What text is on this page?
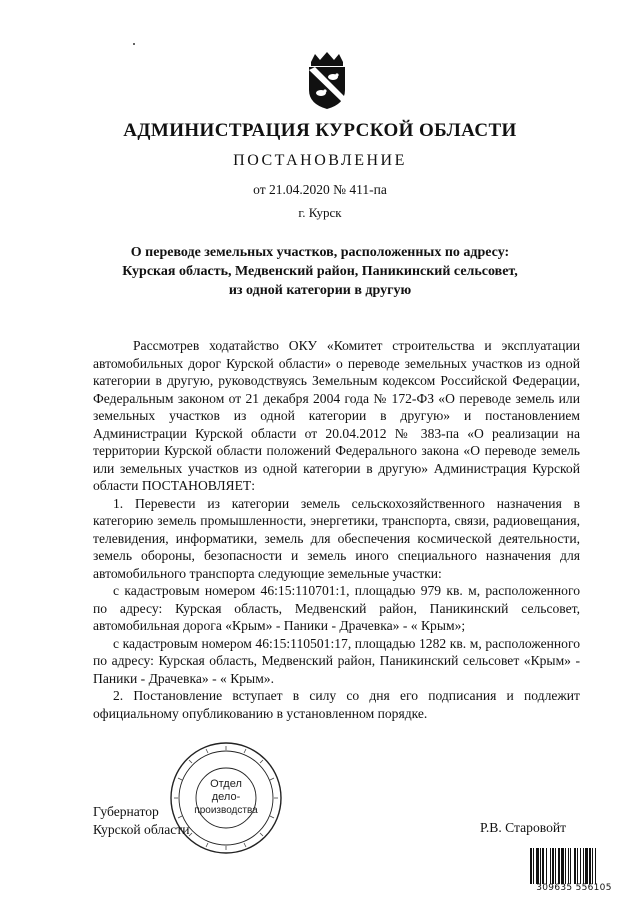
АДМИНИСТРАЦИЯ КУРСКОЙ ОБЛАСТИ
ПОСТАНОВЛЕНИЕ
от 21.04.2020 № 411-па
г. Курск
О переводе земельных участков, расположенных по адресу:
Курская область, Медвенский район, Паникинский сельсовет,
из одной категории в другую

Рассмотрев ходатайство ОКУ «Комитет строительства и эксплуатации автомобильных дорог Курской области» о переводе земельных участков из одной категории в другую, руководствуясь Земельным кодексом Российской Федерации, Федеральным законом от 21 декабря 2004 года № 172-ФЗ «О переводе земель или земельных участков из одной категории в другую» и постановлением Администрации Курской области от 20.04.2012 № 383-па «О реализации на территории Курской области положений Федерального закона «О переводе земель или земельных участков из одной категории в другую» Администрация Курской области ПОСТАНОВЛЯЕТ:

1. Перевести из категории земель сельскохозяйственного назначения в категорию земель промышленности, энергетики, транспорта, связи, радиовещания, телевидения, информатики, земель для обеспечения космической деятельности, земель обороны, безопасности и земель иного специального назначения для автомобильного транспорта следующие земельные участки:

с кадастровым номером 46:15:110701:1, площадью 979 кв. м, расположенного по адресу: Курская область, Медвенский район, Паникинский сельсовет, автомобильная дорога «Крым» - Паники - Драчевка» - « Крым»;

с кадастровым номером 46:15:110501:17, площадью 1282 кв. м, расположенного по адресу: Курская область, Медвенский район, Паникинский сельсовет «Крым» - Паники - Драчевка» - « Крым».

2. Постановление вступает в силу со дня его подписания и подлежит официальному опубликованию в установленном порядке.

Отдел
дело-
производства
Губернатор
Курской области	Р.В. Старовойт
309635 556105
